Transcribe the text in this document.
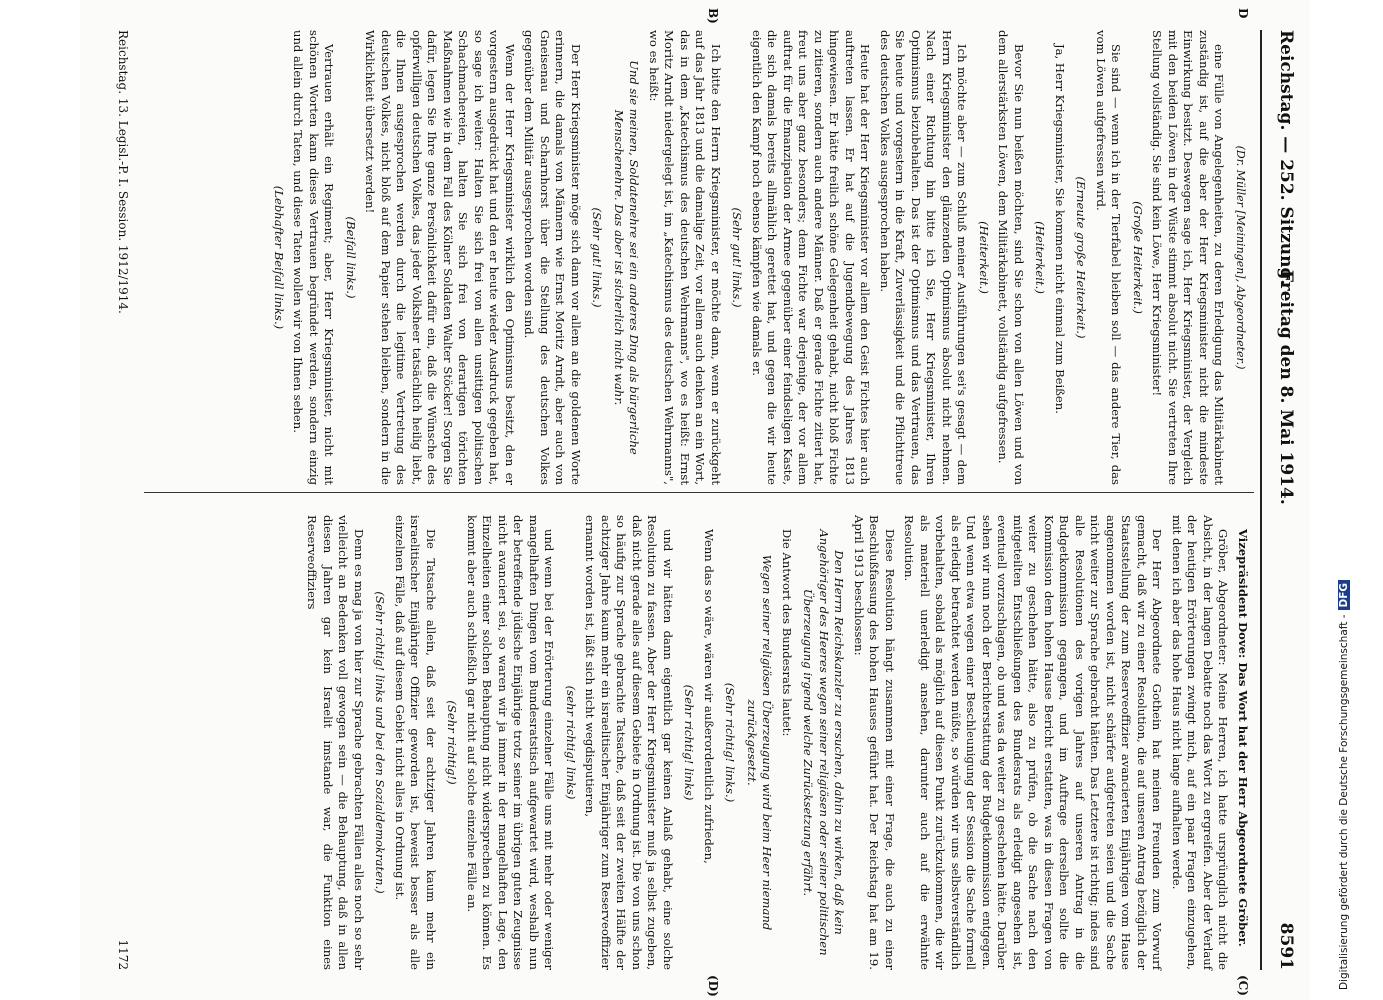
Reichstag. — 252. Sitzung.
Freitag den 8. Mai 1914.
8591
D
(C)
(D)
B)

(Dr. Müller [Meiningen], Abgeordneter.)

eine Fülle von Angelegenheiten, zu deren Erledigung das Militärkabinett zuständig ist, auf die aber der Herr Kriegsminister nicht die mindeste Einwirkung besitzt. Deswegen sage ich, Herr Kriegsminister, der Vergleich mit den beiden Löwen in der Wüste stimmt absolut nicht. Sie vertreten Ihre Stellung vollständig. Sie sind kein Löwe, Herr Kriegsminister!

(Große Heiterkeit.)

Sie sind — wenn ich in der Tierfabel bleiben soll — das andere Tier, das vom Löwen aufgefressen wird.

(Erneute große Heiterkeit.)

Ja, Herr Kriegsminister, Sie kommen nicht einmal zum Beißen.

(Heiterkeit.)

Bevor Sie nun beißen möchten, sind Sie schon von allen Löwen und von dem allerstärksten Löwen, dem Militärkabinett, vollständig aufgefressen.

(Heiterkeit.)

Ich möchte aber — zum Schluß meiner Ausführungen sei's gesagt — dem Herrn Kriegsminister den glänzenden Optimismus absolut nicht nehmen. Nach einer Richtung hin bitte ich Sie, Herr Kriegsminister, Ihren Optimismus beizubehalten. Das ist der Optimismus und das Vertrauen, das Sie heute und vorgestern in die Kraft, Zuverlässigkeit und die Pflichttreue des deutschen Volkes ausgesprochen haben.

Heute hat der Herr Kriegsminister vor allem den Geist Fichtes hier auch auftreten lassen. Er hat auf die Jugendbewegung des Jahres 1813 hingewiesen. Er hätte freilich schöne Gelegenheit gehabt, nicht bloß Fichte zu zitieren, sondern auch andere Männer. Daß er gerade Fichte zitiert hat, freut uns aber ganz besonders; denn Fichte war derjenige, der vor allem auftrat für die Emanzipation der Armee gegenüber einer feindseligen Kaste, die sich damals bereits allmählich gerettet hat, und gegen die wir heute eigentlich den Kampf noch ebenso kämpfen wie damals er.

(Sehr gut! links.)

Ich bitte den Herrn Kriegsminister, er möchte dann, wenn er zurückgeht auf das Jahr 1813 und die damalige Zeit, vor allem auch denken an ein Wort, das in dem „Katechismus des deutschen Wehrmanns", wo es heißt: Ernst Moritz Arndt niedergelegt ist, im „Katechismus des deutschen Wehrmanns", wo es heißt:

Und sie meinen, Soldatenehre sei ein anderes Ding als bürgerliche Menschenehre. Das aber ist sicherlich nicht wahr.

(Sehr gut! links.)

Der Herr Kriegsminister möge sich dann vor allem an die goldenen Worte erinnern, die damals von Männern wie Ernst Moritz Arndt, aber auch von Gneisenau und Scharnhorst über die Stellung des deutschen Volkes gegenüber dem Militär ausgesprochen worden sind.

Wenn der Herr Kriegsminister wirklich den Optimismus besitzt, den er vorgestern ausgedrückt hat und den er heute wieder Ausdruck gegeben hat, so sage ich weiter: Halten Sie sich frei von allen unsittigen politischen Schachmachereien, halten Sie sich frei von derartigen törichten Maßnahmen wie in dem Fall des Kölner Soldaten Walter Stöcker! Sorgen Sie dafür, legen Sie Ihre ganze Persönlichkeit dafür ein, daß die Wünsche des opferwilligen deutschen Volkes, das jeder Volksheer tatsächlich heilig liebt, die Ihnen ausgesprochen werden durch die legitime Vertretung des deutschen Volkes, nicht bloß auf dem Papier stehen bleiben, sondern in die Wirklichkeit übersetzt werden!

(Beifall links.)

Vertrauen erhält ein Regiment; aber, Herr Kriegsminister, nicht mit schönen Worten kann dieses Vertrauen begründet werden, sondern einzig und allein durch Taten, und diese Taten wollen wir von Ihnen sehen.

(Lebhafter Beifall links.)

Vizepräsident Dove: Das Wort hat der Herr Abgeordnete Gröber.

Gröber, Abgeordneter: Meine Herren, ich hatte ursprünglich nicht die Absicht, in der langen Debatte noch das Wort zu ergreifen. Aber der Verlauf der heutigen Erörterungen zwingt mich, auf ein paar Fragen einzugehen, mit denen ich aber das hohe Haus nicht lange aufhalten werde.

Der Herr Abgeordnete Gothein hat meinen Freunden zum Vorwurf gemacht, daß wir zu einer Resolution, die auf unseren Antrag bezüglich der Staatsstellung der zum Reserveoffizier avancierten Einjährigen vom Hause angenommen worden ist, nicht schärfer aufgetreten seien und die Sache nicht weiter zur Sprache gebracht hätten. Das Letztere ist richtig; indes sind alle Resolutionen des vorigen Jahres auf unseren Antrag in die Budgetkommission gegangen, und im Auftrage derselben sollte die Kommission dem hohen Hause Bericht erstatten, was in diesen Fragen von weiter zu geschehen hätte, also zu prüfen, ob die Sache nach den mitgeteilten Entschließungen des Bundesrats als erledigt angesehen ist, eventuell vorzuschlagen, ob und was da weiter zu geschehen hätte. Darüber sehen wir nun noch der Berichterstattung der Budgetkommission entgegen. Und wenn etwa wegen einer Beschleunigung der Session die Sache formell als erledigt betrachtet werden müßte, so würden wir uns selbstverständlich vorbehalten, sobald als möglich auf diesen Punkt zurückzukommen, die wir als materiell unerledigt ansehen, darunter auch auf die erwähnte Resolution.

Diese Resolution hängt zusammen mit einer Frage, die auch zu einer Beschlußfassung des hohen Hauses geführt hat. Der Reichstag hat am 19. April 1913 beschlossen:

Den Herrn Reichskanzler zu ersuchen, dahin zu wirken, daß kein Angehöriger des Heeres wegen seiner religiösen oder seiner politischen Überzeugung irgend welche Zurücksetzung erfährt.

Die Antwort des Bundesrats lautet:

Wegen seiner religiösen Überzeugung wird beim Heer niemand zurückgesetzt.

(Sehr richtig! links.)

Wenn das so wäre, wären wir außerordentlich zufrieden,

(Sehr richtig! links)

und wir hätten dann eigentlich gar keinen Anlaß gehabt, eine solche Resolution zu fassen. Aber der Herr Kriegsminister muß ja selbst zugeben, daß nicht gerade alles auf diesem Gebiete in Ordnung ist. Die von uns schon so häufig zur Sprache gebrachte Tatsache, daß seit der zweiten Hälfte der achtziger Jahre kaum mehr ein israelitischer Einjähriger zum Reserveoffizier ernannt worden ist, läßt sich nicht wegdisputieren,

(sehr richtig! links)

und wenn bei der Erörterung einzelner Fälle uns mit mehr oder weniger mangelhaften Dingen vom Bundesratstisch aufgewartet wird, weshalb nun der betreffende jüdische Einjährige trotz seiner im übrigen guten Zeugnisse nicht avanciert sei, so waren wir ja immer in der mangelhaften Lage, den Einzelheiten einer solchen Behauptung nicht widersprechen zu können. Es kommt aber auch schließlich gar nicht auf solche einzelne Fälle an.

(Sehr richtig!)

Die Tatsache allein, daß seit der achtziger Jahren kaum mehr ein israelitischer Einjähriger Offizier geworden ist, beweist besser als alle einzelnen Fälle, daß auf diesem Gebiet nicht alles in Ordnung ist.

(Sehr richtig! links und bei den Sozialdemokraten.)

Denn es mag ja von hier zur Sprache gebrachten Fällen alles noch so sehr vielleicht an Bedenken voll gewogen sein — die Behauptung, daß in allen diesen Jahren gar kein Israelit imstande war, die Funktion eines Reserveoffiziers

Reichstag. 13. Legisl.-P. I. Session. 1912/1914.
1172	Digitalisierung gefördert durch die Deutsche Forschungsgemeinschaft -DFG
